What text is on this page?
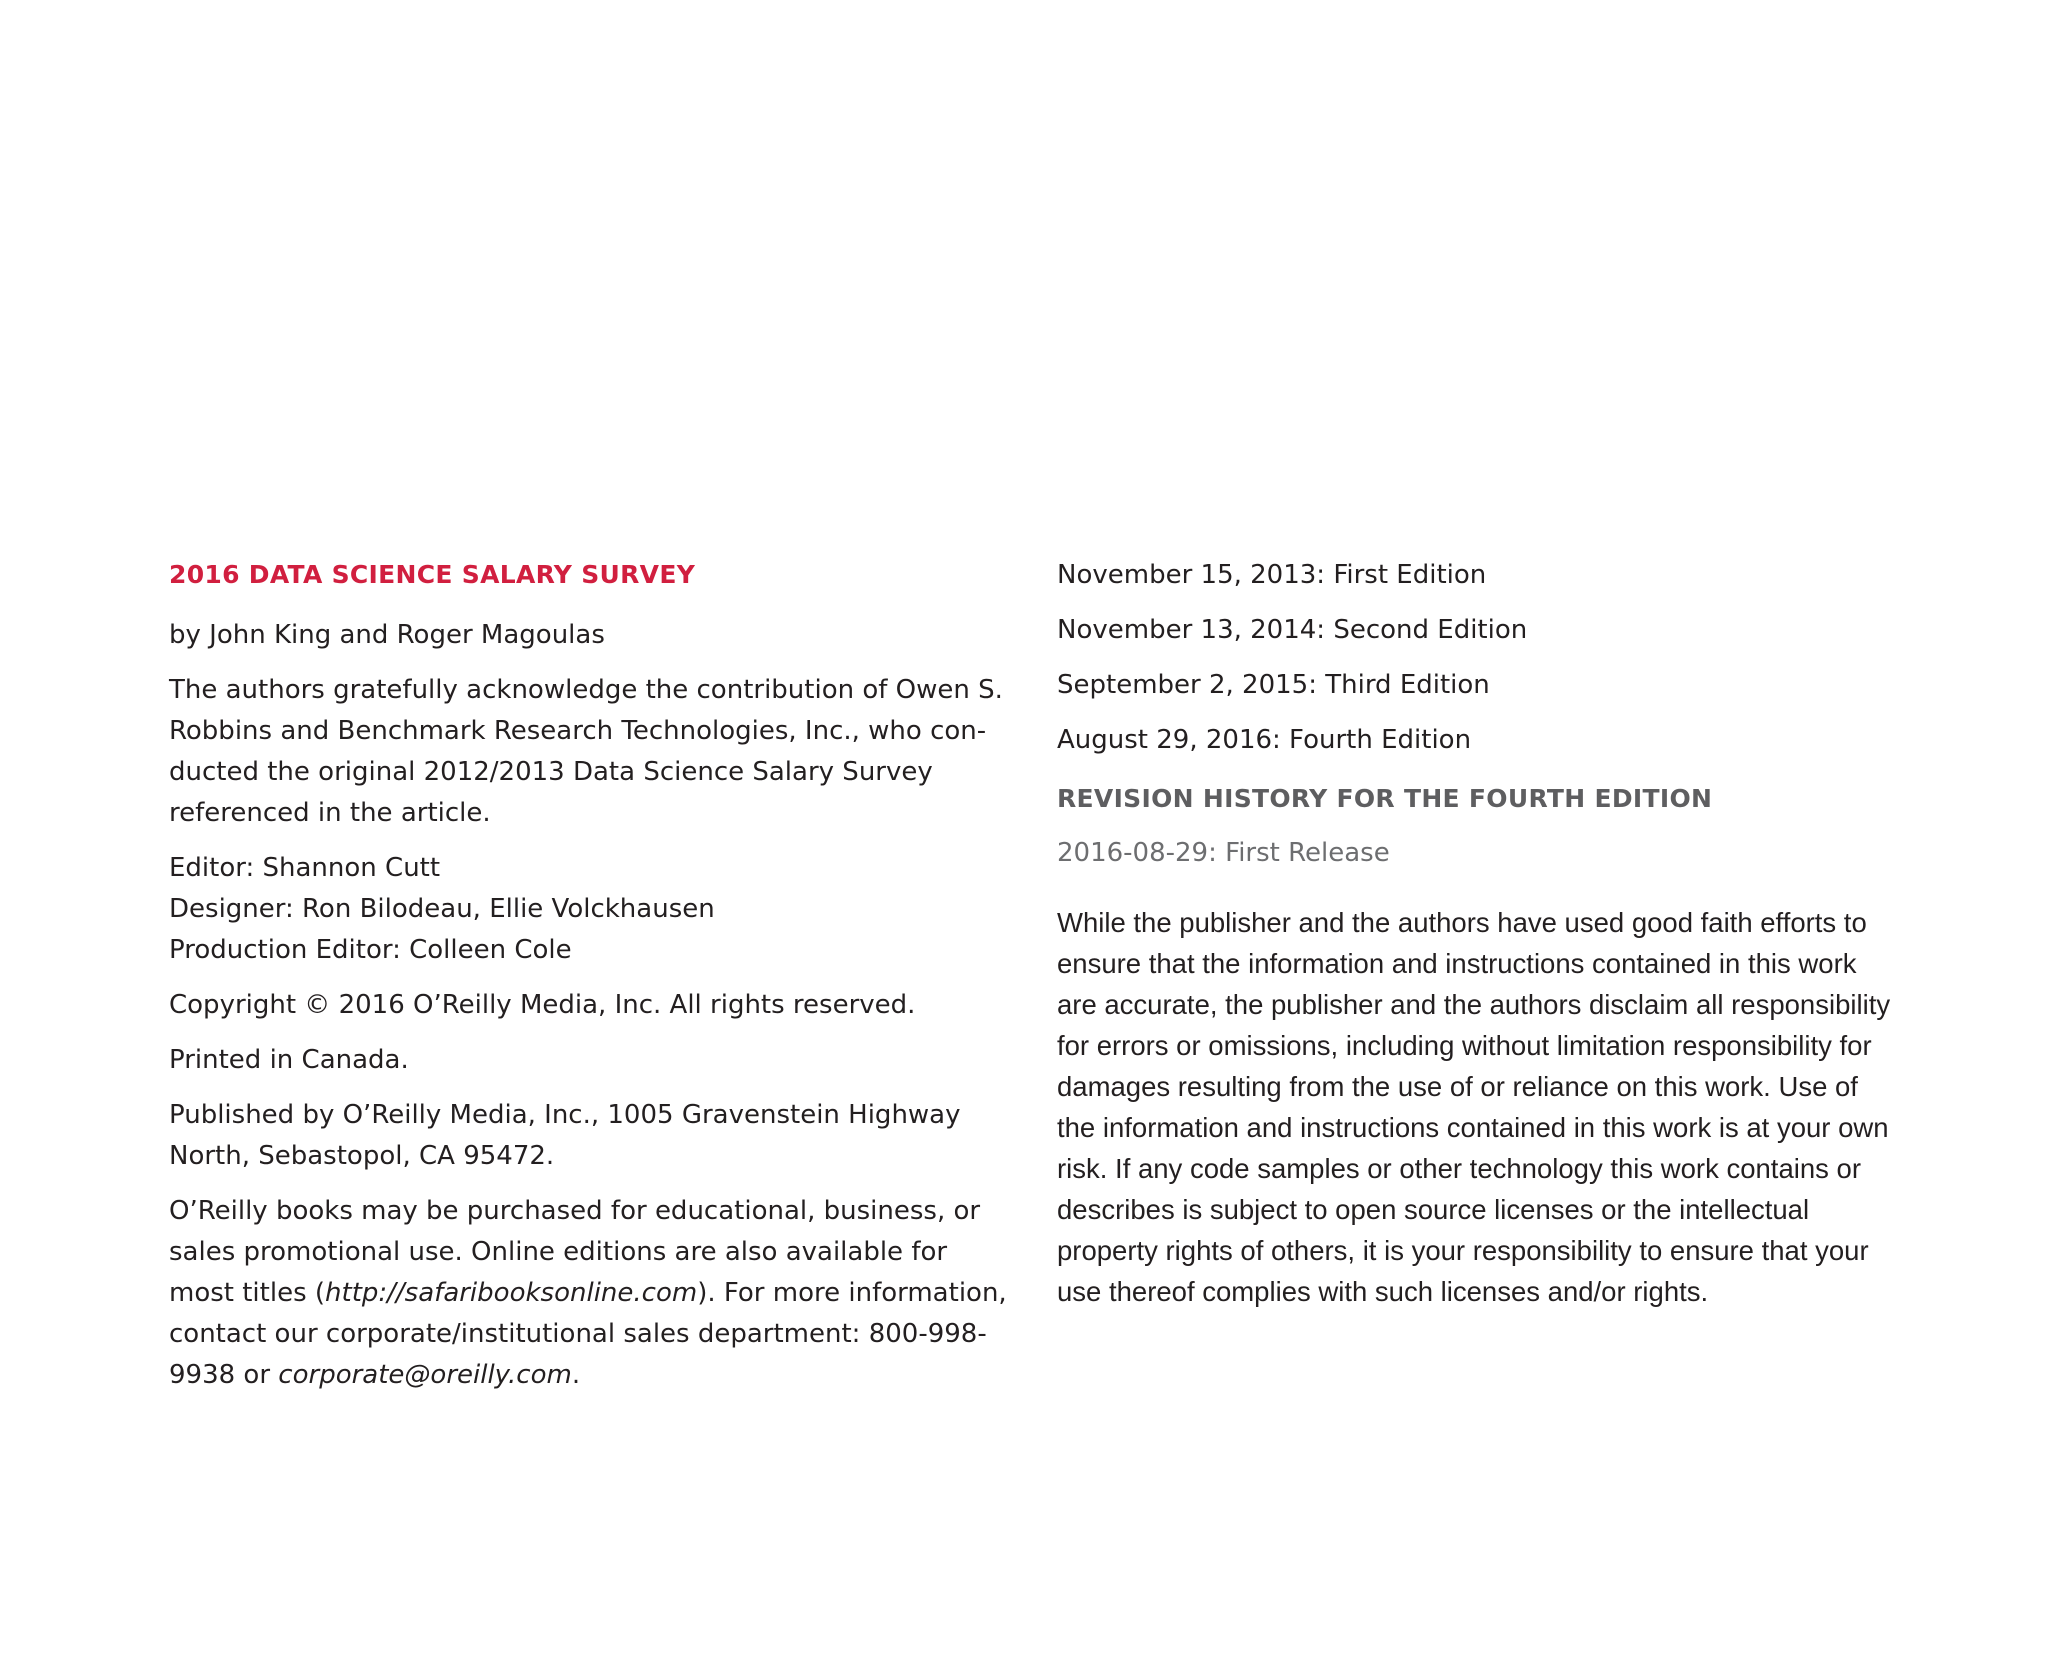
2016 DATA SCIENCE SALARY SURVEY

by John King and Roger Magoulas

The authors gratefully acknowledge the contribution of Owen S. Robbins and Benchmark Research Technologies, Inc., who con-ducted the original 2012/2013 Data Science Salary Survey referenced in the article.

Editor: Shannon Cutt

Designer: Ron Bilodeau, Ellie Volckhausen

Production Editor: Colleen Cole

Copyright © 2016 O’Reilly Media, Inc. All rights reserved.

Printed in Canada.

Published by O’Reilly Media, Inc., 1005 Gravenstein Highway North, Sebastopol, CA 95472.

O’Reilly books may be purchased for educational, business, or sales promotional use. Online editions are also available for most titles (http://safaribooksonline.com). For more information, contact our corporate/institutional sales department: 800-998-9938 or corporate@oreilly.com.

November 15, 2013: First Edition

November 13, 2014: Second Edition

September 2, 2015: Third Edition

August 29, 2016: Fourth Edition

REVISION HISTORY FOR THE FOURTH EDITION

2016-08-29: First Release

While the publisher and the authors have used good faith efforts to ensure that the information and instructions contained in this work are accurate, the publisher and the authors disclaim all responsibility for errors or omissions, including without limitation responsibility for damages resulting from the use of or reliance on this work. Use of the information and instructions contained in this work is at your own risk. If any code samples or other technology this work contains or describes is subject to open source licenses or the intellectual property rights of others, it is your responsibility to ensure that your use thereof complies with such licenses and/or rights.
